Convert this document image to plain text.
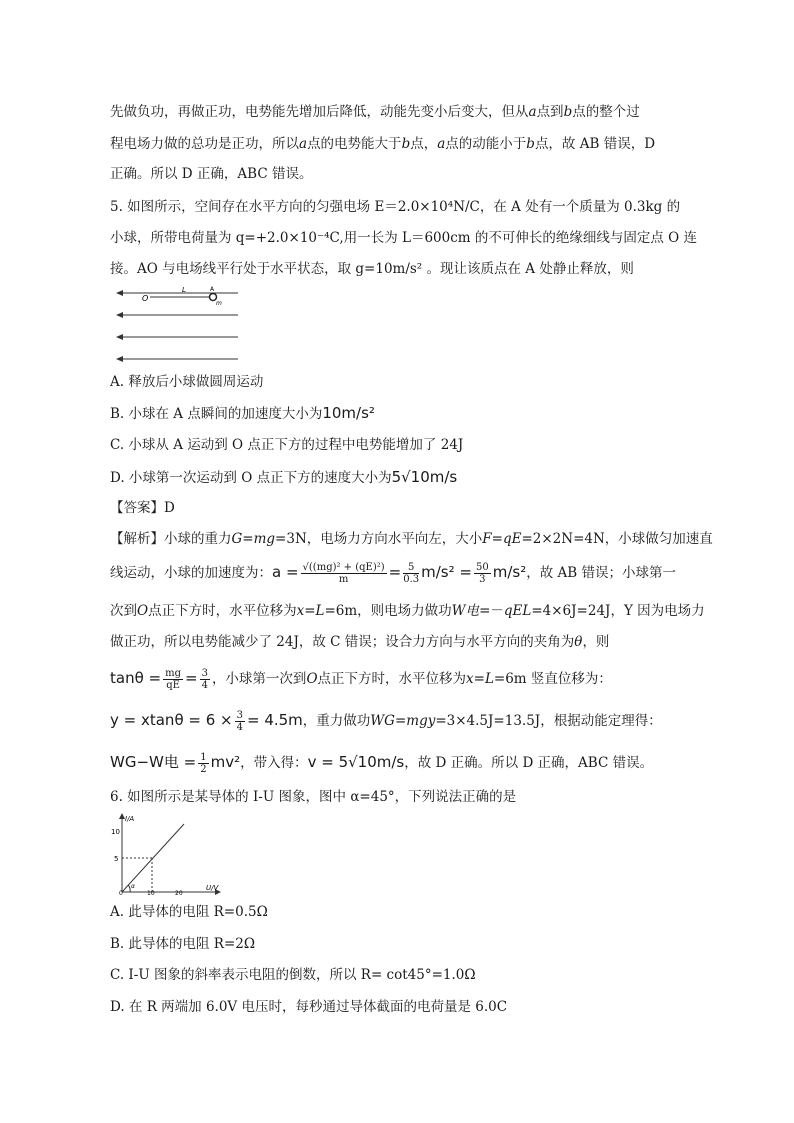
先做负功，再做正功，电势能先增加后降低，动能先变小后变大，但从a点到b点的整个过
程电场力做的总功是正功，所以a点的电势能大于b点，a点的动能小于b点，故 AB 错误，D
正确。所以 D 正确，ABC 错误。
5. 如图所示，空间存在水平方向的匀强电场 E＝2.0×10⁴N/C，在 A 处有一个质量为 0.3kg 的
小球，所带电荷量为 q=+2.0×10⁻⁴C,用一长为 L＝600cm 的不可伸长的绝缘细线与固定点 O 连
接。AO 与电场线平行处于水平状态，取 g=10m/s² 。现让该质点在 A 处静止释放，则
O
L	A
m
A. 释放后小球做圆周运动
B. 小球在 A 点瞬间的加速度大小为10m/s²
C. 小球从 A 运动到 O 点正下方的过程中电势能增加了 24J
D. 小球第一次运动到 O 点正下方的速度大小为5√10m/s
【答案】D
【解析】小球的重力G=mg=3N，电场力方向水平向左，大小F=qE=2×2N=4N，小球做匀加速直
线运动，小球的加速度为：$a = \frac{\text{√((mg)² + (qE)²)}}{m} = \frac{5}{0.3} m/s^2 = \frac{50}{3} m/s^2$，故 AB 错误；小球第一
次到O点正下方时，水平位移为x=L=6m，则电场力做功W电=－qEL=4×6J=24J，Y 因为电场力
做正功，所以电势能减少了 24J，故 C 错误；设合力方向与水平方向的夹角为θ，则
$\tan\theta = \frac{mg}{qE} = \frac{3}{4}$ ，小球第一次到O点正下方时，水平位移为x=L=6m 竖直位移为：
$y = xtan\theta = 6 \times \frac{3}{4} = 4.5m$，重力做功WG=mgy=3×4.5J=13.5J，根据动能定理得：
WG−W电 = $\frac{1}{2} mv^2$，带入得：v = 5√10m/s，故 D 正确。所以 D 正确，ABC 错误。
6. 如图所示是某导体的 I-U 图象，图中 α=45°，下列说法正确的是
I/A
U/V
10
5
0	10	20
α
A. 此导体的电阻 R=0.5Ω
B. 此导体的电阻 R=2Ω
C. I-U 图象的斜率表示电阻的倒数，所以 R= cot45°=1.0Ω
D. 在 R 两端加 6.0V 电压时，每秒通过导体截面的电荷量是 6.0C
